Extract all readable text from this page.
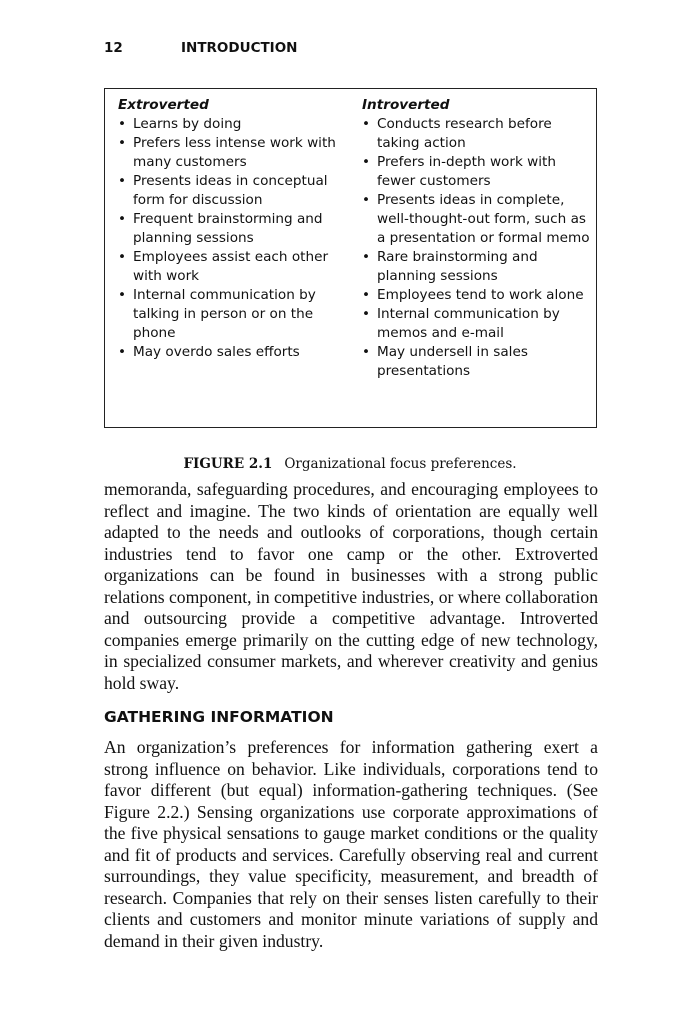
12	INTRODUCTION
Extroverted
• Learns by doing
• Prefers less intense work with many customers
• Presents ideas in conceptual form for discussion
• Frequent brainstorming and planning sessions
• Employees assist each other with work
• Internal communication by talking in person or on the phone
• May overdo sales efforts
Introverted
• Conducts research before taking action
• Prefers in-depth work with fewer customers
• Presents ideas in complete, well-thought-out form, such as a presentation or formal memo
• Rare brainstorming and planning sessions
• Employees tend to work alone
• Internal communication by memos and e-mail
• May undersell in sales presentations
FIGURE 2.1 Organizational focus preferences.

memoranda, safeguarding procedures, and encouraging employees to reflect and imagine. The two kinds of orientation are equally well adapted to the needs and outlooks of corporations, though certain industries tend to favor one camp or the other. Extroverted organizations can be found in businesses with a strong public relations component, in competitive industries, or where collaboration and outsourcing provide a competitive advantage. Introverted companies emerge primarily on the cutting edge of new technology, in specialized consumer markets, and wherever creativity and genius hold sway.

GATHERING INFORMATION

An organization’s preferences for information gathering exert a strong influence on behavior. Like individuals, corporations tend to favor different (but equal) information-gathering techniques. (See Figure 2.2.) Sensing organizations use corporate approximations of the five physical sensations to gauge market conditions or the quality and fit of products and services. Carefully observing real and current surroundings, they value specificity, measurement, and breadth of research. Companies that rely on their senses listen carefully to their clients and customers and monitor minute variations of supply and demand in their given industry.
